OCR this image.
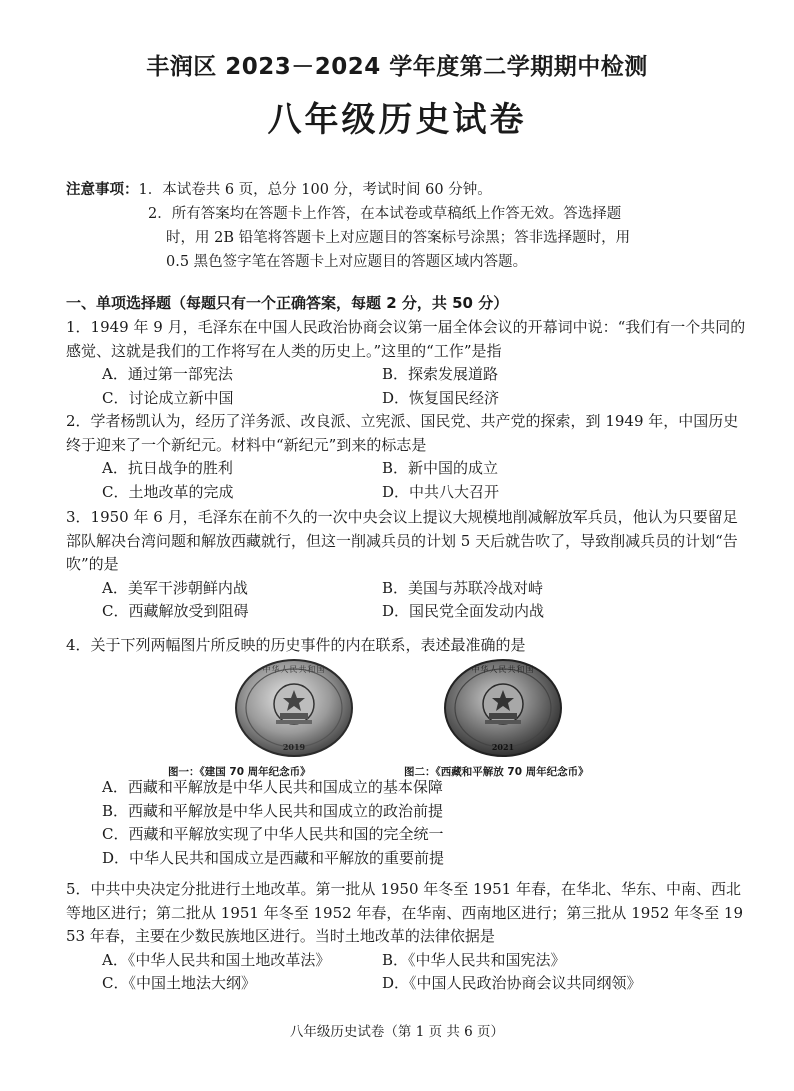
丰润区 2023－2024 学年度第二学期期中检测
八年级历史试卷
注意事项：1．本试卷共 6 页，总分 100 分，考试时间 60 分钟。
2．所有答案均在答题卡上作答，在本试卷或草稿纸上作答无效。答选择题
时，用 2B 铅笔将答题卡上对应题目的答案标号涂黑；答非选择题时，用
0.5 黑色签字笔在答题卡上对应题目的答题区域内答题。
一、单项选择题（每题只有一个正确答案，每题 2 分，共 50 分）
1．1949 年 9 月，毛泽东在中国人民政治协商会议第一届全体会议的开幕词中说：“我们有一个共同的感觉、这就是我们的工作将写在人类的历史上。”这里的“工作”是指
A．通过第一部宪法	B．探索发展道路
C．讨论成立新中国	D．恢复国民经济
2．学者杨凯认为，经历了洋务派、改良派、立宪派、国民党、共产党的探索，到 1949 年，中国历史终于迎来了一个新纪元。材料中“新纪元”到来的标志是
A．抗日战争的胜利	B．新中国的成立
C．土地改革的完成	D．中共八大召开
3．1950 年 6 月，毛泽东在前不久的一次中央会议上提议大规模地削减解放军兵员，他认为只要留足部队解决台湾问题和解放西藏就行，但这一削减兵员的计划 5 天后就告吹了，导致削减兵员的计划“告吹”的是
A．美军干涉朝鲜内战	B．美国与苏联冷战对峙
C．西藏解放受到阻碍	D．国民党全面发动内战
4．关于下列两幅图片所反映的历史事件的内在联系，表述最准确的是
中华人民共和国
2019
中华人民共和国
2021
图一：《建国 70 周年纪念币》	图二：《西藏和平解放 70 周年纪念币》
A．西藏和平解放是中华人民共和国成立的基本保障
B．西藏和平解放是中华人民共和国成立的政治前提
C．西藏和平解放实现了中华人民共和国的完全统一
D．中华人民共和国成立是西藏和平解放的重要前提
5．中共中央决定分批进行土地改革。第一批从 1950 年冬至 1951 年春，在华北、华东、中南、西北等地区进行；第二批从 1951 年冬至 1952 年春，在华南、西南地区进行；第三批从 1952 年冬至 1953 年春，主要在少数民族地区进行。当时土地改革的法律依据是
A．《中华人民共和国土地改革法》	B．《中华人民共和国宪法》
C．《中国土地法大纲》	D．《中国人民政治协商会议共同纲领》
八年级历史试卷（第 1 页 共 6 页）
